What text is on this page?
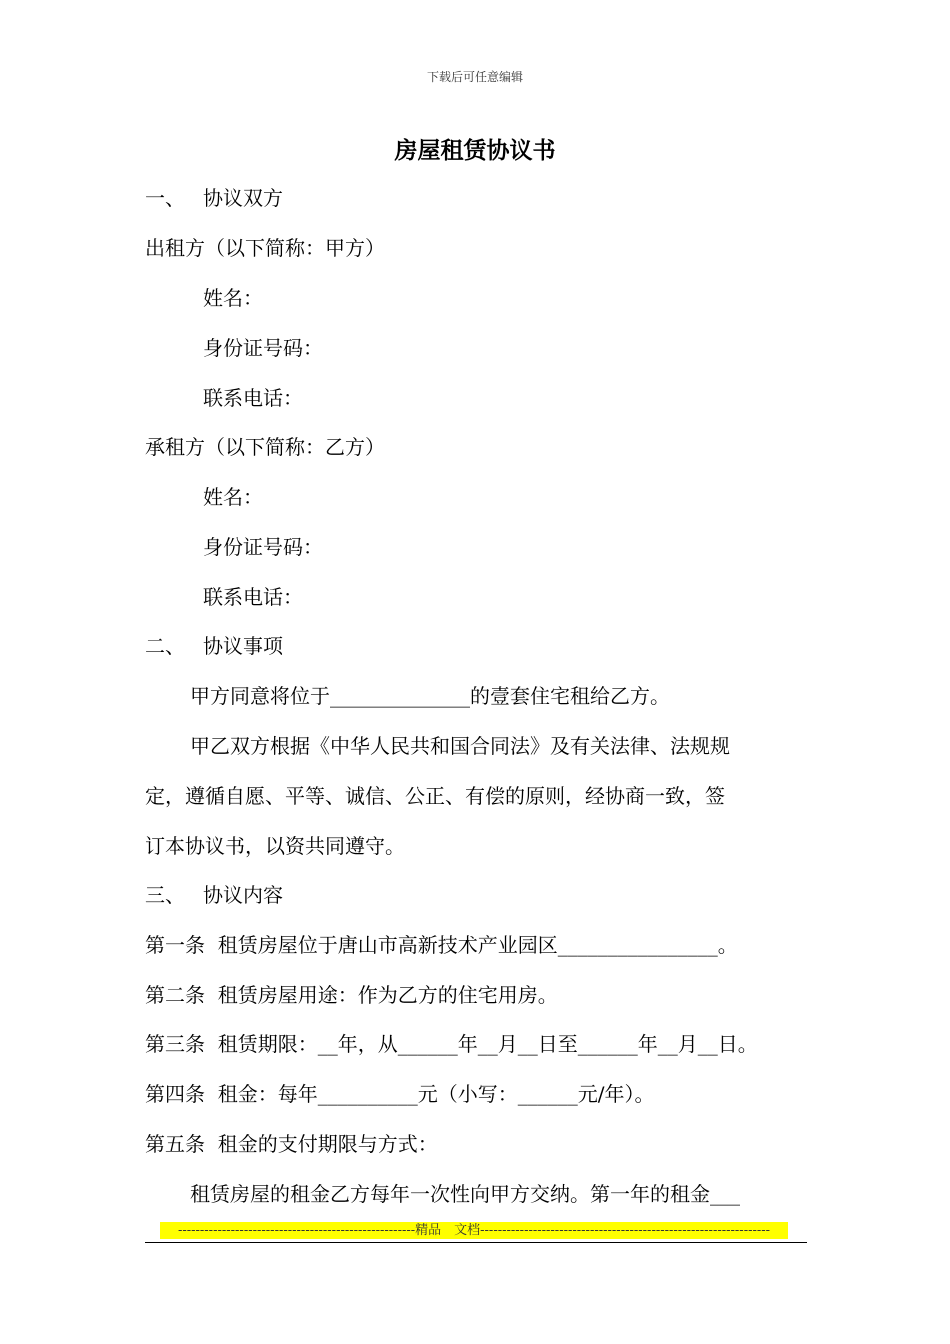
下载后可任意编辑
房屋租赁协议书
一、 协议双方
出租方（以下简称：甲方）
姓名：
身份证号码：
联系电话：
承租方（以下简称：乙方）
姓名：
身份证号码：
联系电话：
二、 协议事项
甲方同意将位于______________的壹套住宅租给乙方。
甲乙双方根据《中华人民共和国合同法》及有关法律、法规规
定，遵循自愿、平等、诚信、公正、有偿的原则，经协商一致，签
订本协议书，以资共同遵守。
三、 协议内容
第一条  租赁房屋位于唐山市高新技术产业园区________________。
第二条  租赁房屋用途：作为乙方的住宅用房。
第三条  租赁期限：__年，从______年__月__日至______年__月__日。
第四条  租金：每年__________元（小写：______元/年）。
第五条  租金的支付期限与方式：
租赁房屋的租金乙方每年一次性向甲方交纳。第一年的租金___
------------------------------------------------------精品　文档------------------------------------------------------------------
